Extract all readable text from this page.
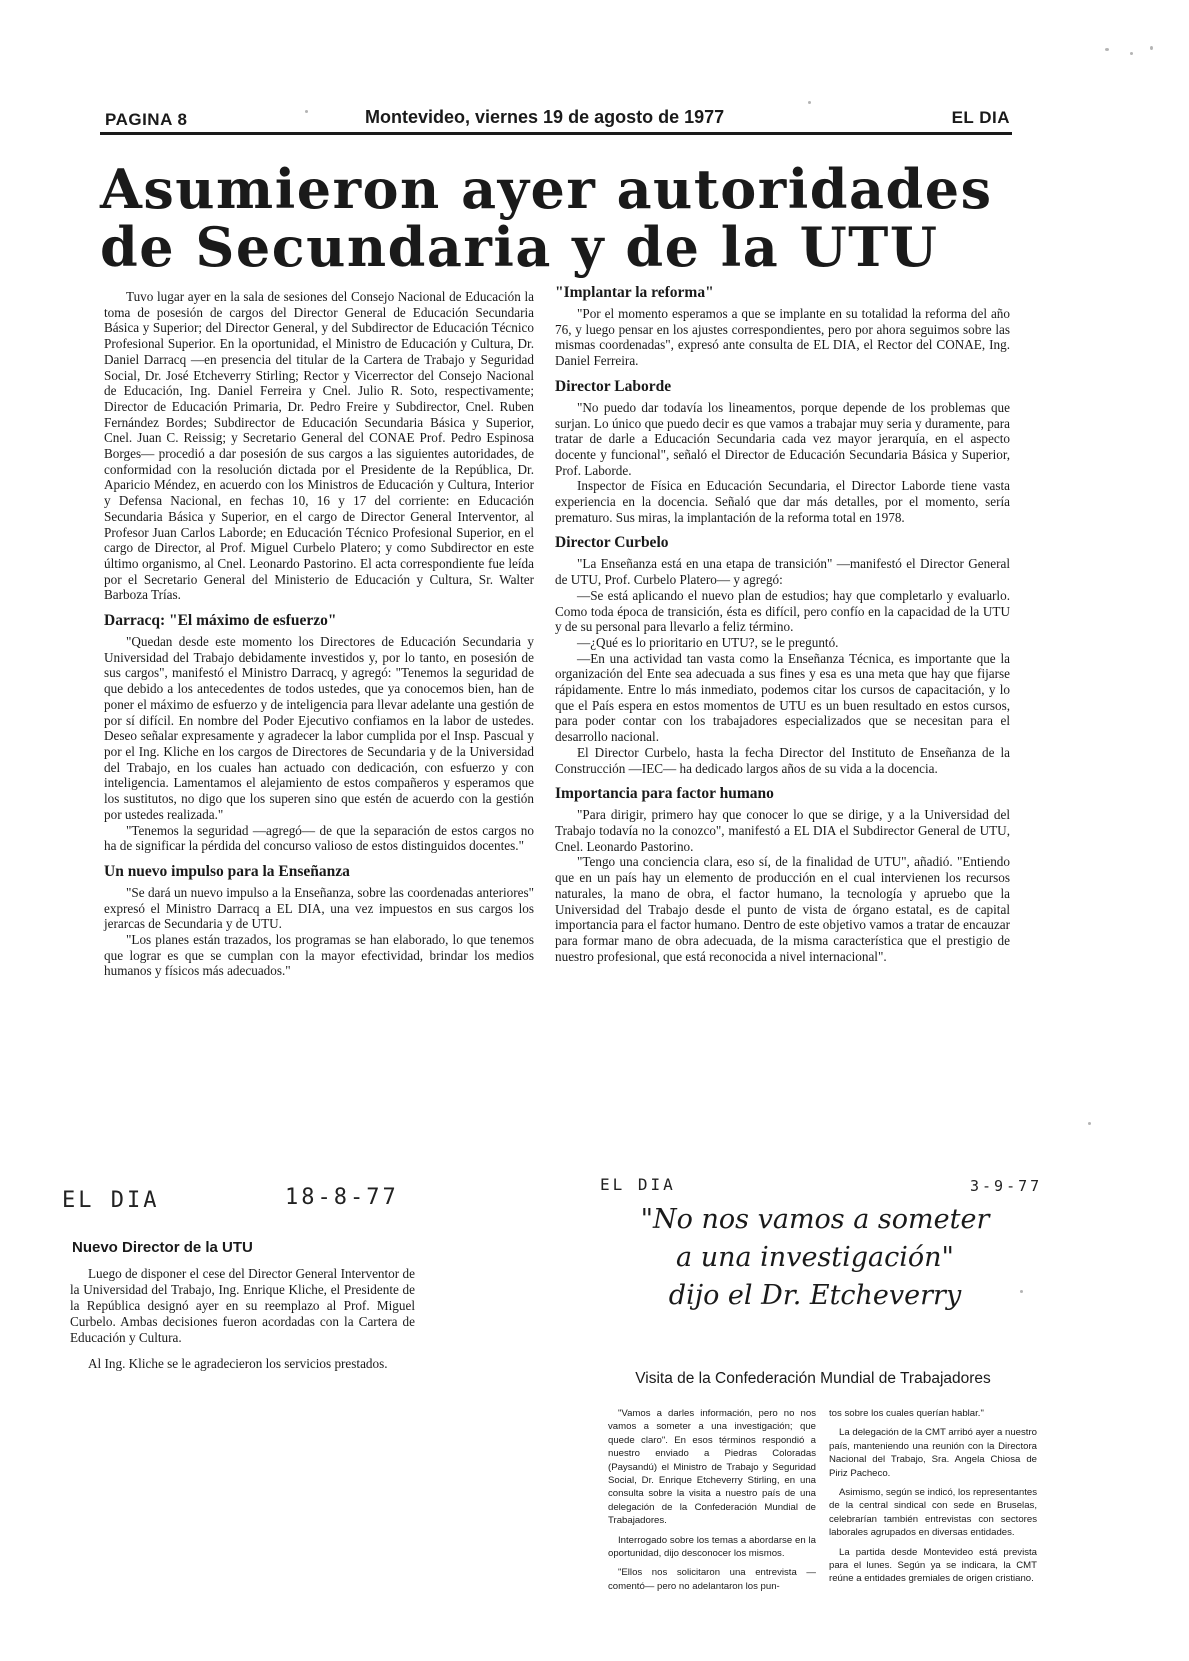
PAGINA 8	Montevideo, viernes 19 de agosto de 1977	EL DIA
Asumieron ayer autoridades
de Secundaria y de la UTU

Tuvo lugar ayer en la sala de sesiones del Consejo Nacional de Educación la toma de posesión de cargos del Director General de Educación Secundaria Básica y Superior; del Director General, y del Subdirector de Educación Técnico Profesional Superior. En la oportunidad, el Ministro de Educación y Cultura, Dr. Daniel Darracq —en presencia del titular de la Cartera de Trabajo y Seguridad Social, Dr. José Etcheverry Stirling; Rector y Vicerrector del Consejo Nacional de Educación, Ing. Daniel Ferreira y Cnel. Julio R. Soto, respectivamente; Director de Educación Primaria, Dr. Pedro Freire y Subdirector, Cnel. Ruben Fernández Bordes; Subdirector de Educación Secundaria Básica y Superior, Cnel. Juan C. Reissig; y Secretario General del CONAE Prof. Pedro Espinosa Borges— procedió a dar posesión de sus cargos a las siguientes autoridades, de conformidad con la resolución dictada por el Presidente de la República, Dr. Aparicio Méndez, en acuerdo con los Ministros de Educación y Cultura, Interior y Defensa Nacional, en fechas 10, 16 y 17 del corriente: en Educación Secundaria Básica y Superior, en el cargo de Director General Interventor, al Profesor Juan Carlos Laborde; en Educación Técnico Profesional Superior, en el cargo de Director, al Prof. Miguel Curbelo Platero; y como Subdirector en este último organismo, al Cnel. Leonardo Pastorino. El acta correspondiente fue leída por el Secretario General del Ministerio de Educación y Cultura, Sr. Walter Barboza Trías.

Darracq: "El máximo de esfuerzo"

"Quedan desde este momento los Directores de Educación Secundaria y Universidad del Trabajo debidamente investidos y, por lo tanto, en posesión de sus cargos", manifestó el Ministro Darracq, y agregó: "Tenemos la seguridad de que debido a los antecedentes de todos ustedes, que ya conocemos bien, han de poner el máximo de esfuerzo y de inteligencia para llevar adelante una gestión de por sí difícil. En nombre del Poder Ejecutivo confiamos en la labor de ustedes. Deseo señalar expresamente y agradecer la labor cumplida por el Insp. Pascual y por el Ing. Kliche en los cargos de Directores de Secundaria y de la Universidad del Trabajo, en los cuales han actuado con dedicación, con esfuerzo y con inteligencia. Lamentamos el alejamiento de estos compañeros y esperamos que los sustitutos, no digo que los superen sino que estén de acuerdo con la gestión por ustedes realizada."

"Tenemos la seguridad —agregó— de que la separación de estos cargos no ha de significar la pérdida del concurso valioso de estos distinguidos docentes."

Un nuevo impulso para la Enseñanza

"Se dará un nuevo impulso a la Enseñanza, sobre las coordenadas anteriores" expresó el Ministro Darracq a EL DIA, una vez impuestos en sus cargos los jerarcas de Secundaria y de UTU.

"Los planes están trazados, los programas se han elaborado, lo que tenemos que lograr es que se cumplan con la mayor efectividad, brindar los medios humanos y físicos más adecuados."

"Implantar la reforma"

"Por el momento esperamos a que se implante en su totalidad la reforma del año 76, y luego pensar en los ajustes correspondientes, pero por ahora seguimos sobre las mismas coordenadas", expresó ante consulta de EL DIA, el Rector del CONAE, Ing. Daniel Ferreira.

Director Laborde

"No puedo dar todavía los lineamentos, porque depende de los problemas que surjan. Lo único que puedo decir es que vamos a trabajar muy seria y duramente, para tratar de darle a Educación Secundaria cada vez mayor jerarquía, en el aspecto docente y funcional", señaló el Director de Educación Secundaria Básica y Superior, Prof. Laborde.

Inspector de Física en Educación Secundaria, el Director Laborde tiene vasta experiencia en la docencia. Señaló que dar más detalles, por el momento, sería prematuro. Sus miras, la implantación de la reforma total en 1978.

Director Curbelo

"La Enseñanza está en una etapa de transición" —manifestó el Director General de UTU, Prof. Curbelo Platero— y agregó:

—Se está aplicando el nuevo plan de estudios; hay que completarlo y evaluarlo. Como toda época de transición, ésta es difícil, pero confío en la capacidad de la UTU y de su personal para llevarlo a feliz término.

—¿Qué es lo prioritario en UTU?, se le preguntó.

—En una actividad tan vasta como la Enseñanza Técnica, es importante que la organización del Ente sea adecuada a sus fines y esa es una meta que hay que fijarse rápidamente. Entre lo más inmediato, podemos citar los cursos de capacitación, y lo que el País espera en estos momentos de UTU es un buen resultado en estos cursos, para poder contar con los trabajadores especializados que se necesitan para el desarrollo nacional.

El Director Curbelo, hasta la fecha Director del Instituto de Enseñanza de la Construcción —IEC— ha dedicado largos años de su vida a la docencia.

Importancia para factor humano

"Para dirigir, primero hay que conocer lo que se dirige, y a la Universidad del Trabajo todavía no la conozco", manifestó a EL DIA el Subdirector General de UTU, Cnel. Leonardo Pastorino.

"Tengo una conciencia clara, eso sí, de la finalidad de UTU", añadió. "Entiendo que en un país hay un elemento de producción en el cual intervienen los recursos naturales, la mano de obra, el factor humano, la tecnología y apruebo que la Universidad del Trabajo desde el punto de vista de órgano estatal, es de capital importancia para el factor humano. Dentro de este objetivo vamos a tratar de encauzar para formar mano de obra adecuada, de la misma característica que el prestigio de nuestro profesional, que está reconocida a nivel internacional".

EL DIA	18-8-77
EL DIA	3-9-77
Nuevo Director de la UTU

Luego de disponer el cese del Director General Interventor de la Universidad del Trabajo, Ing. Enrique Kliche, el Presidente de la República designó ayer en su reemplazo al Prof. Miguel Curbelo. Ambas decisiones fueron acordadas con la Cartera de Educación y Cultura.

Al Ing. Kliche se le agradecieron los servicios prestados.

"No nos vamos a someter
a una investigación"
dijo el Dr. Etcheverry
Visita de la Confederación Mundial de Trabajadores

"Vamos a darles información, pero no nos vamos a someter a una investigación; que quede claro". En esos términos respondió a nuestro enviado a Piedras Coloradas (Paysandú) el Ministro de Trabajo y Seguridad Social, Dr. Enrique Etcheverry Stirling, en una consulta sobre la visita a nuestro país de una delegación de la Confederación Mundial de Trabajadores.

Interrogado sobre los temas a abordarse en la oportunidad, dijo desconocer los mismos.

"Ellos nos solicitaron una entrevista —comentó— pero no adelantaron los pun-

tos sobre los cuales querían hablar."

La delegación de la CMT arribó ayer a nuestro país, manteniendo una reunión con la Directora Nacional del Trabajo, Sra. Angela Chiosa de Piriz Pacheco.

Asimismo, según se indicó, los representantes de la central sindical con sede en Bruselas, celebrarían también entrevistas con sectores laborales agrupados en diversas entidades.

La partida desde Montevideo está prevista para el lunes. Según ya se indicara, la CMT reúne a entidades gremiales de origen cristiano.
